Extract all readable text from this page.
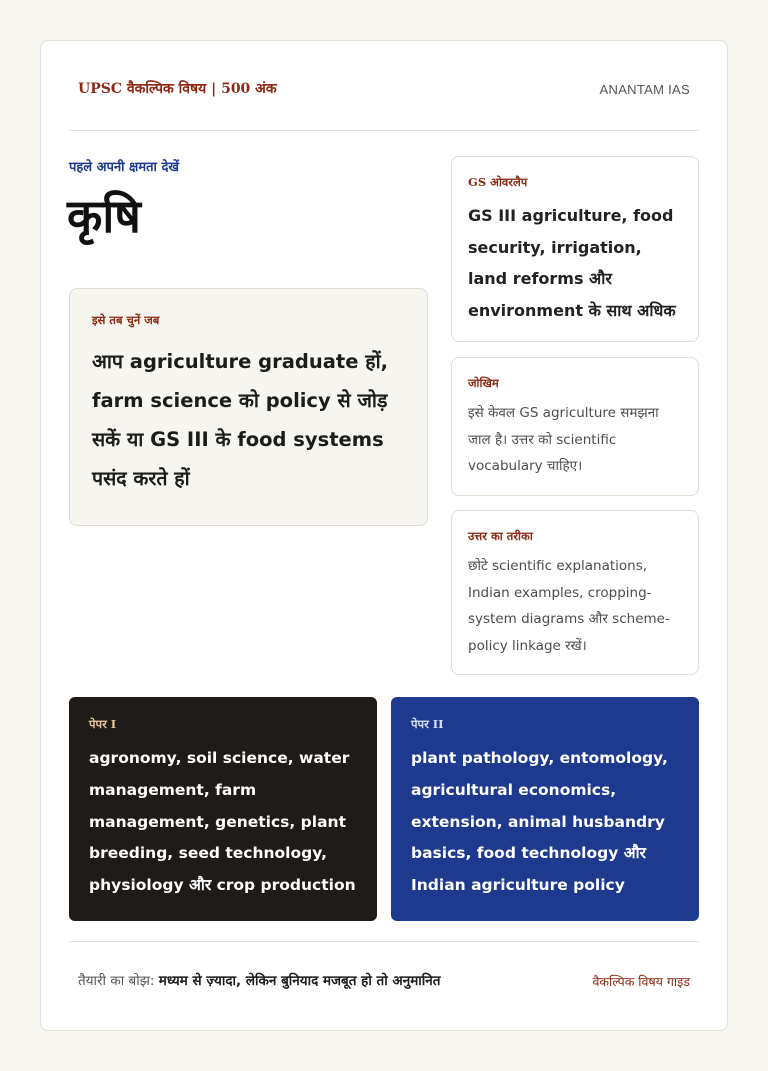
UPSC वैकल्पिक विषय | 500 अंक	ANANTAM IAS
पहले अपनी क्षमता देखें
कृषि
इसे तब चुनें जब
आप agriculture graduate हों, farm science को policy से जोड़ सकें या GS III के food systems पसंद करते हों
GS ओवरलैप
GS III agriculture, food security, irrigation, land reforms और environment के साथ अधिक
जोखिम
इसे केवल GS agriculture समझना जाल है। उत्तर को scientific vocabulary चाहिए।
उत्तर का तरीका
छोटे scientific explanations, Indian examples, cropping-system diagrams और scheme-policy linkage रखें।
पेपर I
agronomy, soil science, water management, farm management, genetics, plant breeding, seed technology, physiology और crop production
पेपर II
plant pathology, entomology, agricultural economics, extension, animal husbandry basics, food technology और Indian agriculture policy
तैयारी का बोझ: मध्यम से ज़्यादा, लेकिन बुनियाद मजबूत हो तो अनुमानित	वैकल्पिक विषय गाइड
